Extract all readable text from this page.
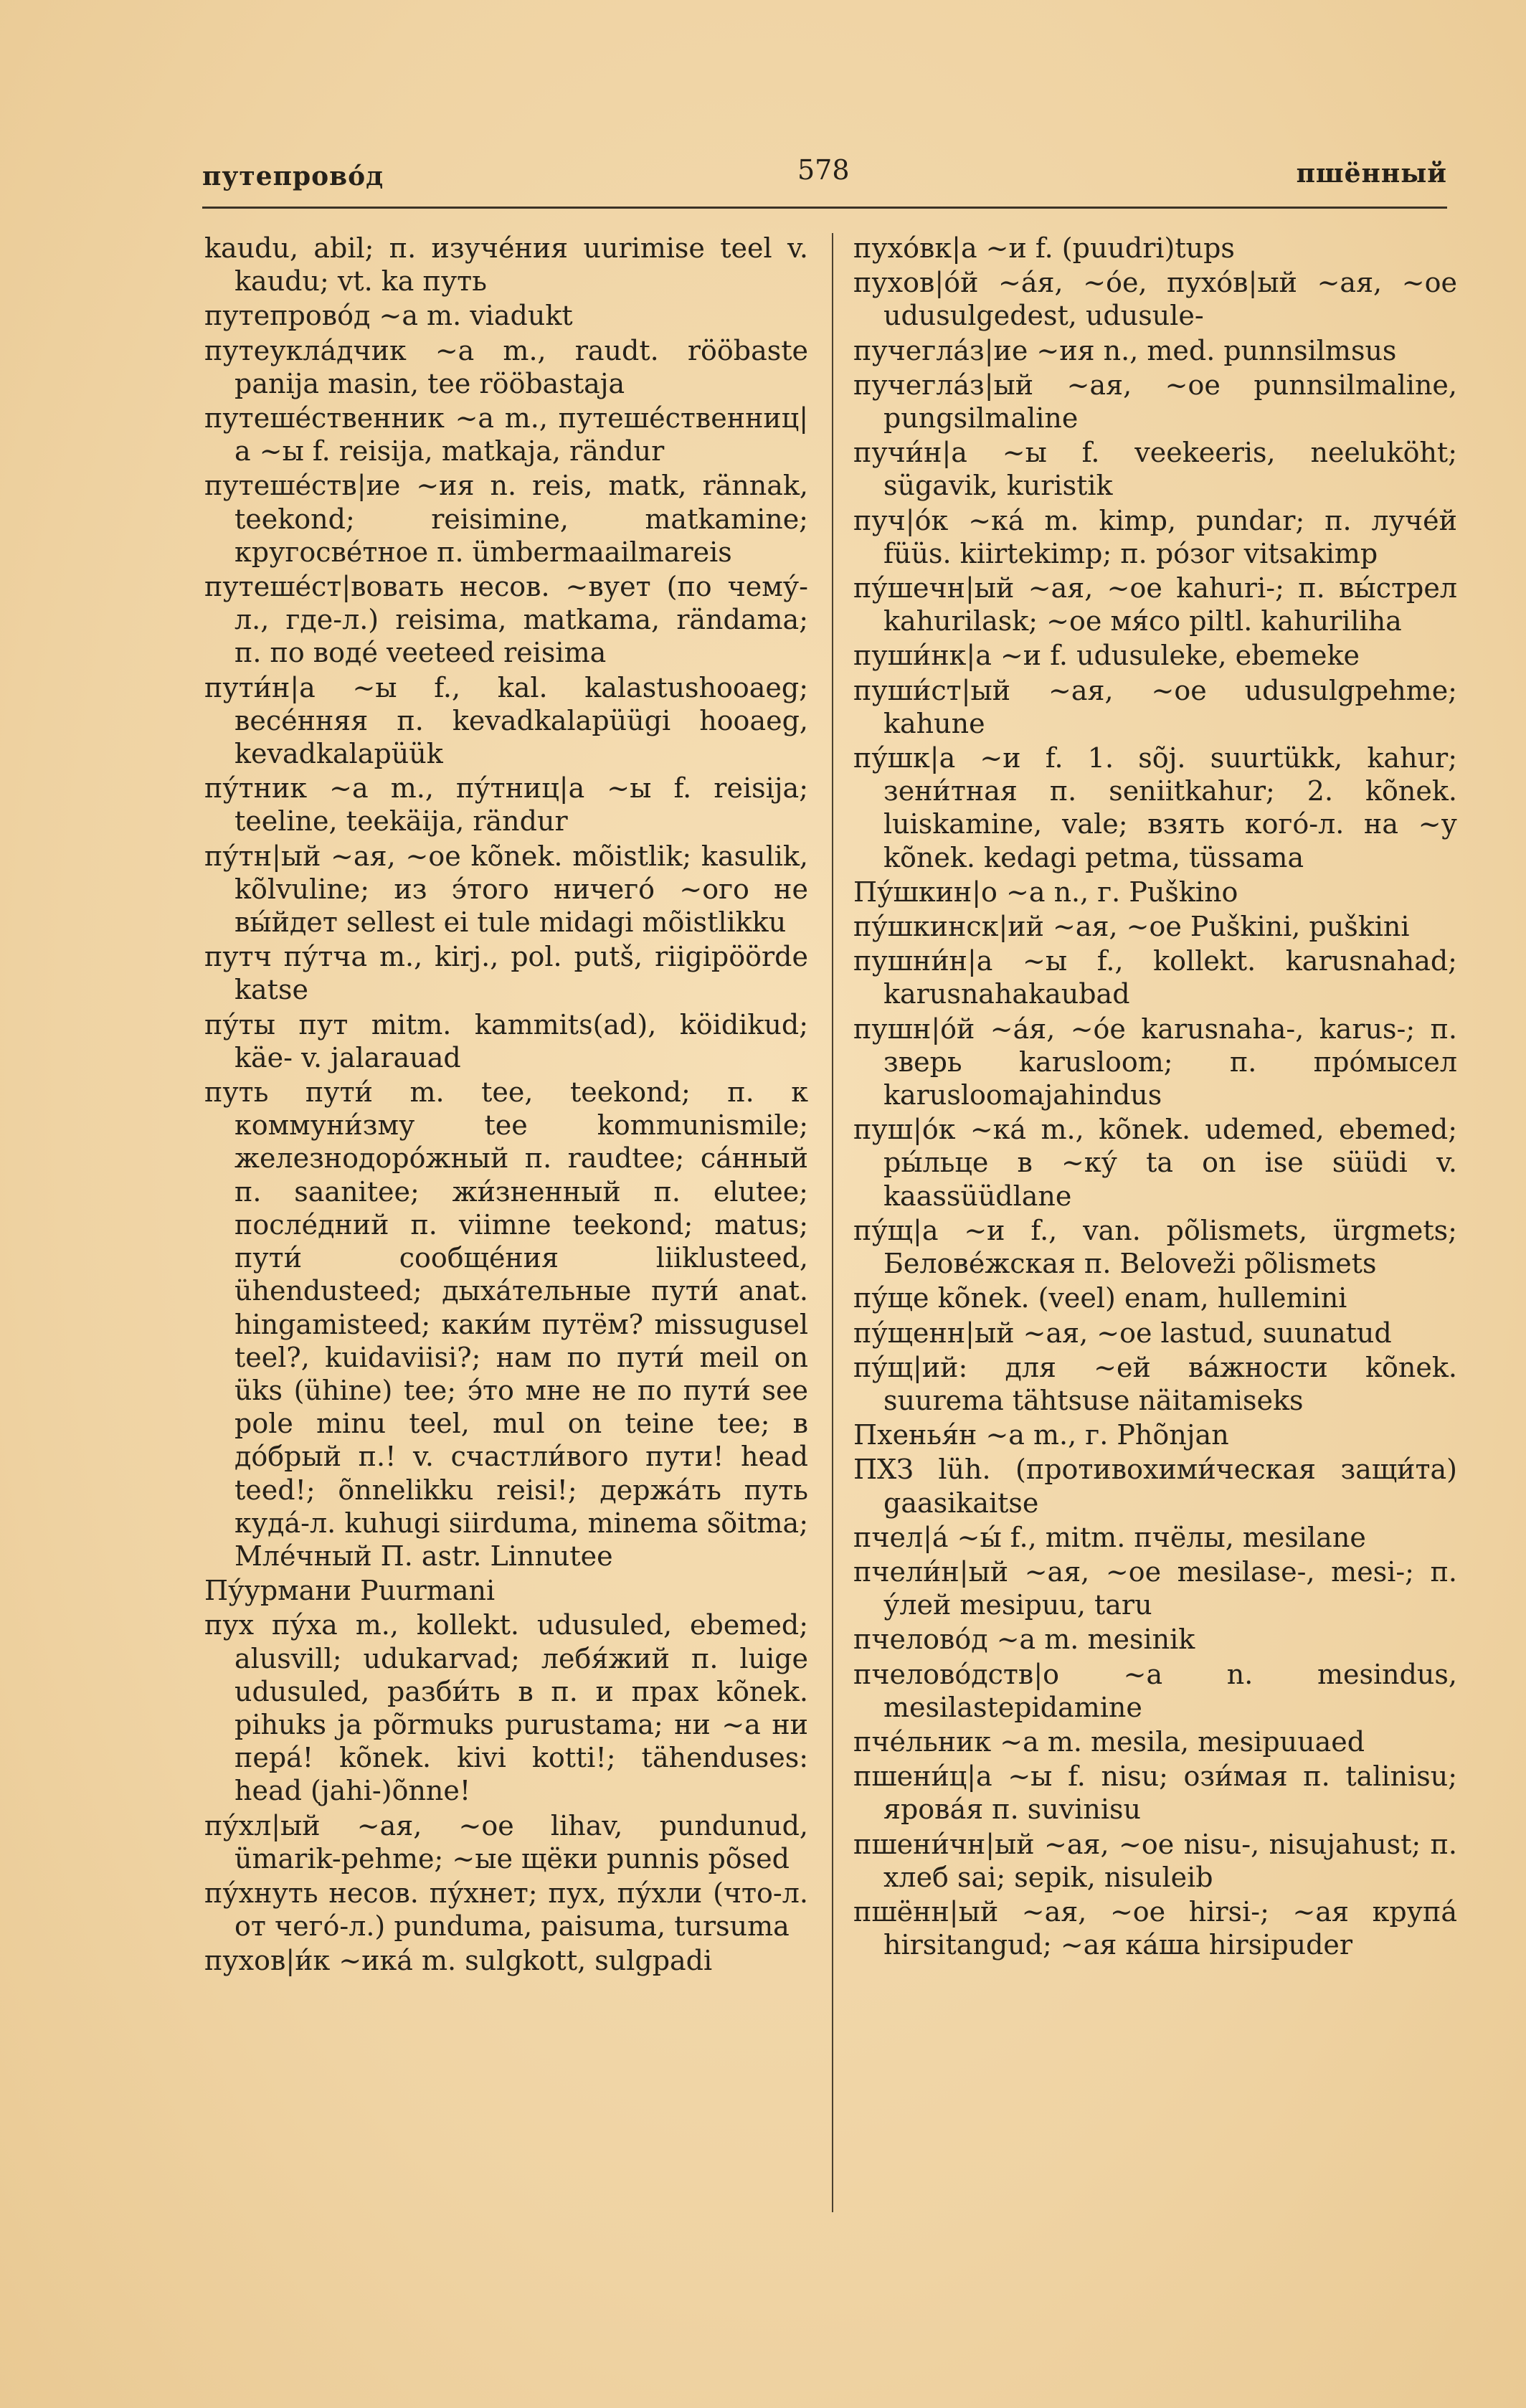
путепрово́д	578	пшённый

kaudu, abil; п. изуче́ния uurimise teel v. kaudu; vt. ka путь

путепрово́д ~а m. viadukt

путеукла́дчик ~а m., raudt. rööbaste panija masin, tee rööbastaja

путеше́ственник ~а m., путеше́ственниц|а ~ы f. reisija, matkaja, rändur

путеше́ств|ие ~ия n. reis, matk, rännak, teekond; reisimine, matkamine; кругосве́тное п. ümbermaailmareis

путеше́ст|вовать несов. ~вует (по чему́-л., где-л.) reisima, matkama, rändama; п. по воде́ veeteed reisima

пути́н|а ~ы f., kal. kalastushooaeg; весе́нняя п. kevadkalapüügi hooaeg, kevadkalapüük

пу́тник ~а m., пу́тниц|а ~ы f. reisija; teeline, teekäija, rändur

пу́тн|ый ~ая, ~ое kõnek. mõistlik; kasulik, kõlvuline; из э́того ничего́ ~ого не вы́йдет sellest ei tule midagi mõistlikku

путч пу́тча m., kirj., pol. putš, riigipöörde katse

пу́ты пут mitm. kammits(ad), köidikud; käe- v. jalarauad

путь пути́ m. tee, teekond; п. к коммуни́зму tee kommunismile; железнодоро́жный п. raudtee; са́нный п. saanitee; жи́зненный п. elutee; после́дний п. viimne teekond; matus; пути́ сообще́ния liiklusteed, ühendusteed; дыха́тельные пути́ anat. hingamisteed; каки́м путём? missugusel teel?, kuidaviisi?; нам по пути́ meil on üks (ühine) tee; э́то мне не по пути́ see pole minu teel, mul on teine tee; в до́брый п.! v. счастли́вого пути! head teed!; õnnelikku reisi!; держа́ть путь куда́-л. kuhugi siirduma, minema sõitma; Мле́чный П. astr. Linnutee

Пу́урмани Puurmani

пух пу́ха m., kollekt. udusuled, ebemed; alusvill; udukarvad; лебя́жий п. luige udusuled, разби́ть в п. и прах kõnek. pihuks ja põrmuks purustama; ни ~а ни пера́! kõnek. kivi kotti!; tähenduses: head (jahi-)õnne!

пу́хл|ый ~ая, ~ое lihav, pundunud, ümarik-pehme; ~ые щёки punnis põsed

пу́хнуть несов. пу́хнет; пух, пу́хли (что-л. от чего́-л.) punduma, paisuma, tursuma

пухов|и́к ~ика́ m. sulgkott, sulgpadi

пухо́вк|а ~и f. (puudri)tups

пухов|о́й ~а́я, ~о́е, пухо́в|ый ~ая, ~ое udusulgedest, udusule-

пучегла́з|ие ~ия n., med. punnsilmsus

пучегла́з|ый ~ая, ~ое punnsilmaline, pungsilmaline

пучи́н|а ~ы f. veekeeris, neeluköht; sügavik, kuristik

пуч|о́к ~ка́ m. kimp, pundar; п. луче́й füüs. kiirtekimp; п. ро́зог vitsakimp

пу́шечн|ый ~ая, ~ое kahuri-; п. вы́стрел kahurilask; ~ое мя́со piltl. kahuriliha

пуши́нк|а ~и f. udusuleke, ebemeke

пуши́ст|ый ~ая, ~ое udusulgpehme; kahune

пу́шк|а ~и f. 1. sõj. suurtükk, kahur; зени́тная п. seniitkahur; 2. kõnek. luiskamine, vale; взять кого́-л. на ~у kõnek. kedagi petma, tüssama

Пу́шкин|о ~а n., г. Puškino

пу́шкинск|ий ~ая, ~ое Puškini, puškini

пушни́н|а ~ы f., kollekt. karusnahad; karusnahakaubad

пушн|о́й ~а́я, ~о́е karusnaha-, karus-; п. зверь karusloom; п. про́мысел karusloomajahindus

пуш|о́к ~ка́ m., kõnek. udemed, ebemed; ры́льце в ~ку́ ta on ise süüdi v. kaassüüdlane

пу́щ|а ~и f., van. põlismets, ürgmets; Белове́жская п. Beloveži põlismets

пу́ще kõnek. (veel) enam, hullemini

пу́щенн|ый ~ая, ~ое lastud, suunatud

пу́щ|ий: для ~ей ва́жности kõnek. suurema tähtsuse näitamiseks

Пхенья́н ~а m., г. Phõnjan

ПХЗ lüh. (противохими́ческая защи́та) gaasikaitse

пчел|а́ ~ы́ f., mitm. пчёлы, mesilane

пчели́н|ый ~ая, ~ое mesilase-, mesi-; п. у́лей mesipuu, taru

пчелово́д ~а m. mesinik

пчелово́дств|о ~а n. mesindus, mesilastepidamine

пче́льник ~а m. mesila, mesipuuaed

пшени́ц|а ~ы f. nisu; ози́мая п. talinisu; ярова́я п. suvinisu

пшени́чн|ый ~ая, ~ое nisu-, nisujahust; п. хлеб sai; sepik, nisuleib

пшённ|ый ~ая, ~ое hirsi-; ~ая крупа́ hirsitangud; ~ая ка́ша hirsipuder
